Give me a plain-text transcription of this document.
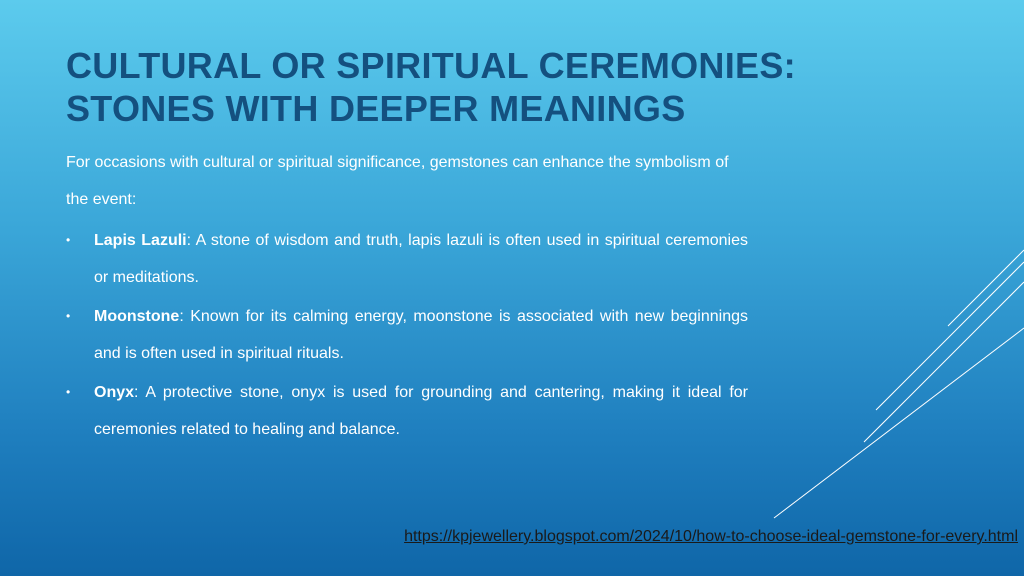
CULTURAL OR SPIRITUAL CEREMONIES:
STONES WITH DEEPER MEANINGS

For occasions with cultural or spiritual significance, gemstones can enhance the symbolism of the event:

• Lapis Lazuli: A stone of wisdom and truth, lapis lazuli is often used in spiritual ceremonies or meditations.
• Moonstone: Known for its calming energy, moonstone is associated with new beginnings and is often used in spiritual rituals.
• Onyx: A protective stone, onyx is used for grounding and cantering, making it ideal for ceremonies related to healing and balance.
https://kpjewellery.blogspot.com/2024/10/how-to-choose-ideal-gemstone-for-every.html
